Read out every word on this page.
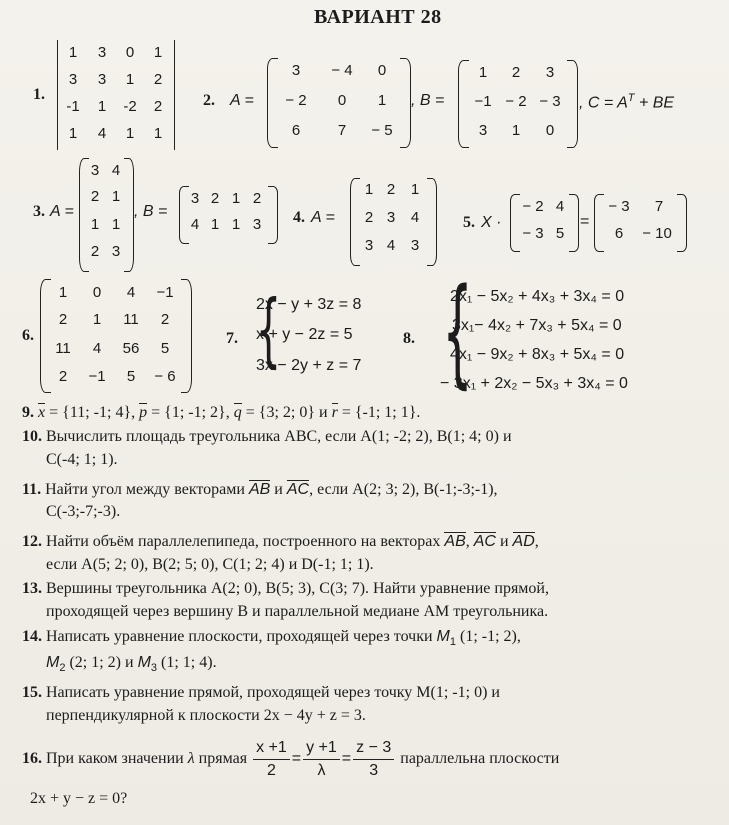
ВАРИАНТ 28
1.
1	3	0	1
3	3	1	2
-1	1	-2	2
1	4	1	1
2. A =
3	− 4	0
− 2	0	1
6	7	− 5
, B =
1	2	3
−1 − 2 − 3
3	1	0
, $C = A^T$ + BE
3. A =
3 4
2 1
1 1
2 3
, B =
3 2 1 2
4 1 1 3	4. A =
1 2	1
2 3	4
3 4	3
5. X ·
− 2 4
− 3 5
=
− 3	7
6	− 10
6.
1	0	4	−1
2	1	11	2
11	4	56	5
2	−1	5	− 6
7. {
2x − y + 3z = 8
x + y − 2z = 5
3x − 2y + z = 7
8. {
2x₁ − 5x₂ + 4x₃ + 3x₄ = 0
3x₁− 4x₂ + 7x₃ + 5x₄ = 0
4x₁ − 9x₂ + 8x₃ + 5x₄ = 0
− 3x₁ + 2x₂ − 5x₃ + 3x₄ = 0
9. x = {11; -1; 4}, p = {1; -1; 2}, q = {3; 2; 0} и r = {-1; 1; 1}.
10. Вычислить площадь треугольника ABC, если A(1; -2; 2), B(1; 4; 0) и
C(-4; 1; 1).
11. Найти угол между векторами AB и AC, если A(2; 3; 2), B(-1;-3;-1),
C(-3;-7;-3).
12. Найти объём параллелепипеда, построенного на векторах AB, AC и AD,
если A(5; 2; 0), B(2; 5; 0), C(1; 2; 4) и D(-1; 1; 1).
13. Вершины треугольника A(2; 0), B(5; 3), C(3; 7). Найти уравнение прямой,
проходящей через вершину B и параллельной медиане AM треугольника.
14. Написать уравнение плоскости, проходящей через точки $M_1$ (1; -1; 2),
$M_2$ (2; 1; 2) и $M_3$ (1; 1; 4).
15. Написать уравнение прямой, проходящей через точку M(1; -1; 0) и
перпендикулярной к плоскости 2x − 4y + z = 3.
16. При каком значении λ прямая $\frac{x +1}{2} = \frac{y +1}{\lambda} = \frac{z - 3}{3}$ параллельна плоскости
2x + y − z = 0?
